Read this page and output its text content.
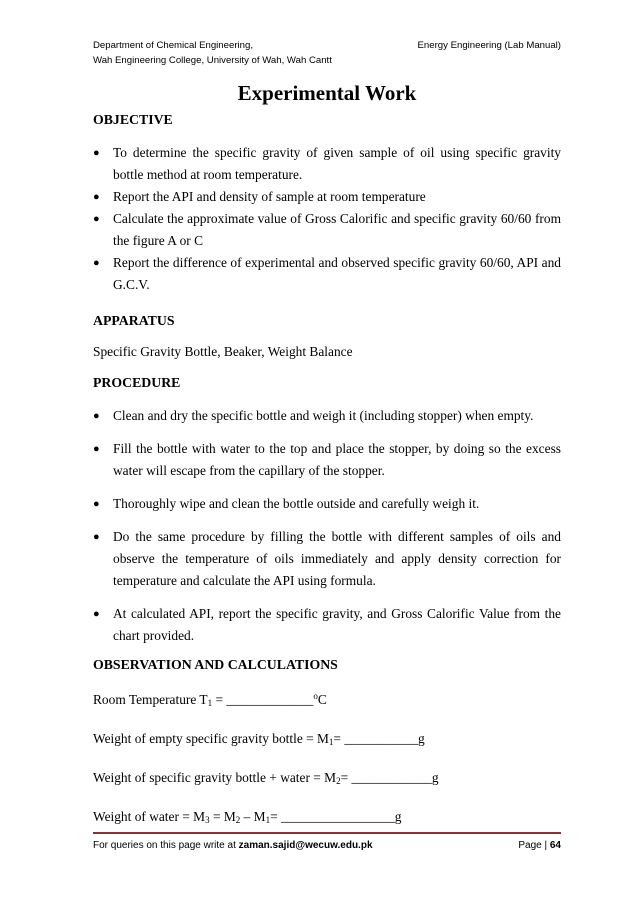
Department of Chemical Engineering,
Wah Engineering College, University of Wah, Wah Cantt
Energy Engineering (Lab Manual)
Experimental Work
OBJECTIVE
● To determine the specific gravity of given sample of oil using specific gravity bottle method at room temperature.
● Report the API and density of sample at room temperature
● Calculate the approximate value of Gross Calorific and specific gravity 60/60 from the figure A or C
● Report the difference of experimental and observed specific gravity 60/60, API and G.C.V.
APPARATUS
Specific Gravity Bottle, Beaker, Weight Balance
PROCEDURE
● Clean and dry the specific bottle and weigh it (including stopper) when empty.
● Fill the bottle with water to the top and place the stopper, by doing so the excess water will escape from the capillary of the stopper.
● Thoroughly wipe and clean the bottle outside and carefully weigh it.
● Do the same procedure by filling the bottle with different samples of oils and observe the temperature of oils immediately and apply density correction for temperature and calculate the API using formula.
● At calculated API, report the specific gravity, and Gross Calorific Value from the chart provided.
OBSERVATION AND CALCULATIONS
Room Temperature $T_1$ = _____________$^o$C
Weight of empty specific gravity bottle = $M_1=$ ___________g
Weight of specific gravity bottle + water = $M_2=$ ____________g
Weight of water = $M_3 = M_2 - M_1=$ _________________g
For queries on this page write at zaman.sajid@wecuw.edu.pk	Page | 64
